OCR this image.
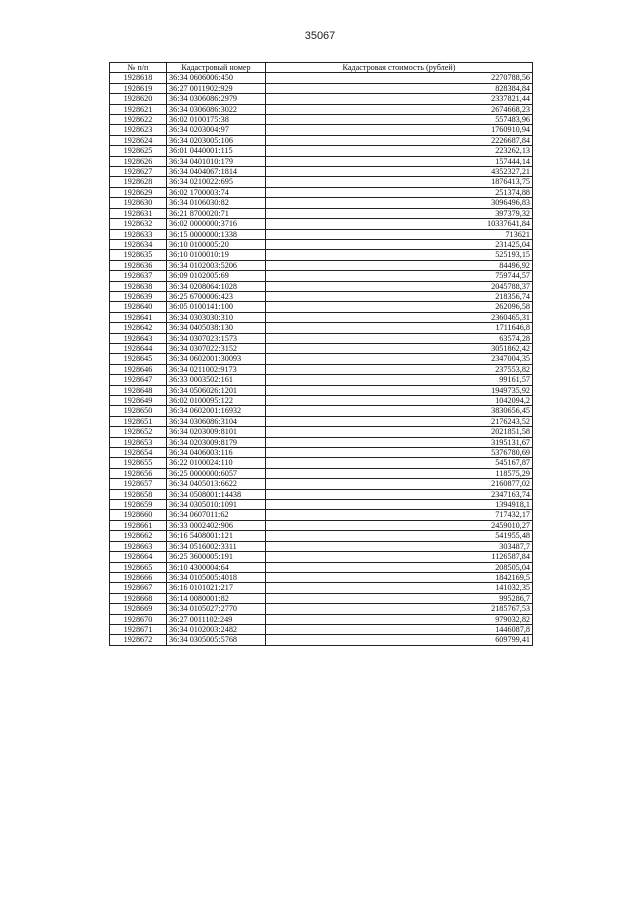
35067
№ п/п	Кадастровый номер	Кадастровая стоимость (рублей)
1928618	36:34 0606006:450	2270788,56
1928619	36:27 0011902:929	828384,84
1928620	36:34 0306086:2979	2337821,44
1928621	36:34 0306086:3022	2674668,23
1928622	36:02 0100175:38	557483,96
1928623	36:34 0203004:97	1760910,94
1928624	36:34 0203005:106	2226687,84
1928625	36:01 0440001:115	223262,13
1928626	36:34 0401010:179	157444,14
1928627	36:34 0404067:1814	4352327,21
1928628	36:34 0210022:695	1876413,75
1928629	36:02 1700003:74	251374,88
1928630	36:34 0106030:82	3096496,83
1928631	36:21 8700020:71	397379,32
1928632	36:02 0000000:3716	10337641,84
1928633	36:15 0000000:1338	713621
1928634	36:10 0100005:20	231425,04
1928635	36:10 0100010:19	525193,15
1928636	36:34 0102003:5206	84496,92
1928637	36:09 0102005:69	759744,57
1928638	36:34 0208064:1028	2045788,37
1928639	36:25 6700006:423	218356,74
1928640	36:05 0100141:100	262096,58
1928641	36:34 0303030:310	2360465,31
1928642	36:34 0405038:130	1711646,8
1928643	36:34 0307023:1573	63574,28
1928644	36:34 0307022:3152	3051862,42
1928645	36:34 0602001:30093	2347004,35
1928646	36:34 0211002:9173	237553,82
1928647	36:33 0003502:161	99161,57
1928648	36:34 0506026:1201	1949735,92
1928649	36:02 0100095:122	1042094,2
1928650	36:34 0602001:16932	3830656,45
1928651	36:34 0306086:3104	2176243,52
1928652	36:34 0203009:8101	2021851,58
1928653	36:34 0203009:8179	3195131,67
1928654	36:34 0406003:116	5376780,69
1928655	36:22 0100024:110	545167,87
1928656	36:25 0000000:6057	118575,29
1928657	36:34 0405013:6622	2160877,02
1928658	36:34 0508001:14438	2347163,74
1928659	36:34 0305010:1091	1394918,1
1928660	36:34 0607011:62	717432,17
1928661	36:33 0002402:906	2459010,27
1928662	36:16 5408001:121	541955,48
1928663	36:34 0516002:3311	303487,7
1928664	36:25 3600005:191	1126587,84
1928665	36:10 4300004:64	208505,04
1928666	36:34 0105005:4018	1842169,5
1928667	36:16 0101021:217	141032,35
1928668	36:14 0080001:82	995286,7
1928669	36:34 0105027:2770	2185767,53
1928670	36:27 0011102:249	979032,82
1928671	36:34 0102003:2482	1446087,8
1928672	36:34 0305005:5768	609799,41
